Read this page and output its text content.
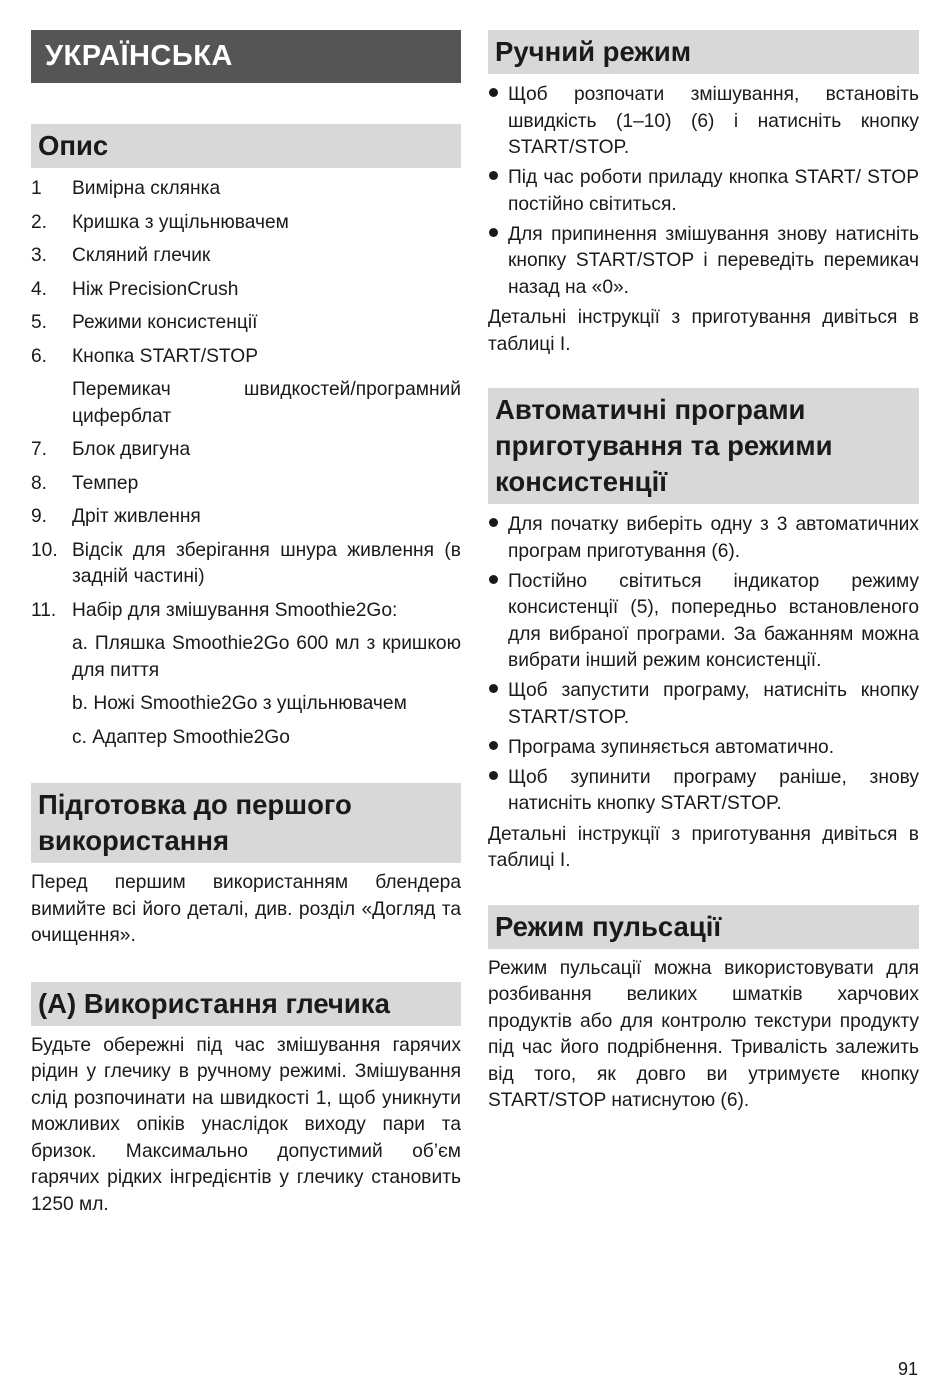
УКРАЇНСЬКА
Опис
1	Вимірна склянка
2.	Кришка з ущільнювачем
3.	Скляний глечик
4.	Ніж PrecisionCrush
5.	Режими консистенції
6.	Кнопка START/STOP
Перемикач швидкостей/програмний циферблат
7.	Блок двигуна
8.	Темпер
9.	Дріт живлення
10. Відсік для зберігання шнура живлення (в задній частині)
11. Набір для змішування Smoothie2Go:
a. Пляшка Smoothie2Go 600 мл з кришкою для пиття
b. Ножі Smoothie2Go з ущільнювачем
c. Адаптер Smoothie2Go
Підготовка до першого використання

Перед першим використанням блендера вимийте всі його деталі, див. розділ «Догляд та очищення».

(А) Використання глечика

Будьте обережні під час змішування гарячих рідин у глечику в ручному режимі. Змішування слід розпочинати на швидкості 1, щоб уникнути можливих опіків унаслідок виходу пари та бризок. Максимально допустимий об’єм гарячих рідких інгредієнтів у глечику становить 1250 мл.

Ручний режим
Щоб розпочати змішування, встановіть швидкість (1–10) (6) і натисніть кнопку START/STOP.
Під час роботи приладу кнопка START/ STOP постійно світиться.
Для припинення змішування знову натисніть кнопку START/STOP і переведіть перемикач назад на «0».

Детальні інструкції з приготування дивіться в таблиці I.

Автоматичні програми приготування та режими консистенції
Для початку виберіть одну з 3 автоматичних програм приготування (6).
Постійно світиться індикатор режиму консистенції (5), попередньо встановленого для вибраної програми. За бажанням можна вибрати інший режим консистенції.
Щоб запустити програму, натисніть кнопку START/STOP.
Програма зупиняється автоматично.
Щоб зупинити програму раніше, знову натисніть кнопку START/STOP.

Детальні інструкції з приготування дивіться в таблиці I.

Режим пульсації

Режим пульсації можна використовувати для розбивання великих шматків харчових продуктів або для контролю текстури продукту під час його подрібнення. Тривалість залежить від того, як довго ви утримуєте кнопку START/STOP натиснутою (6).

91
